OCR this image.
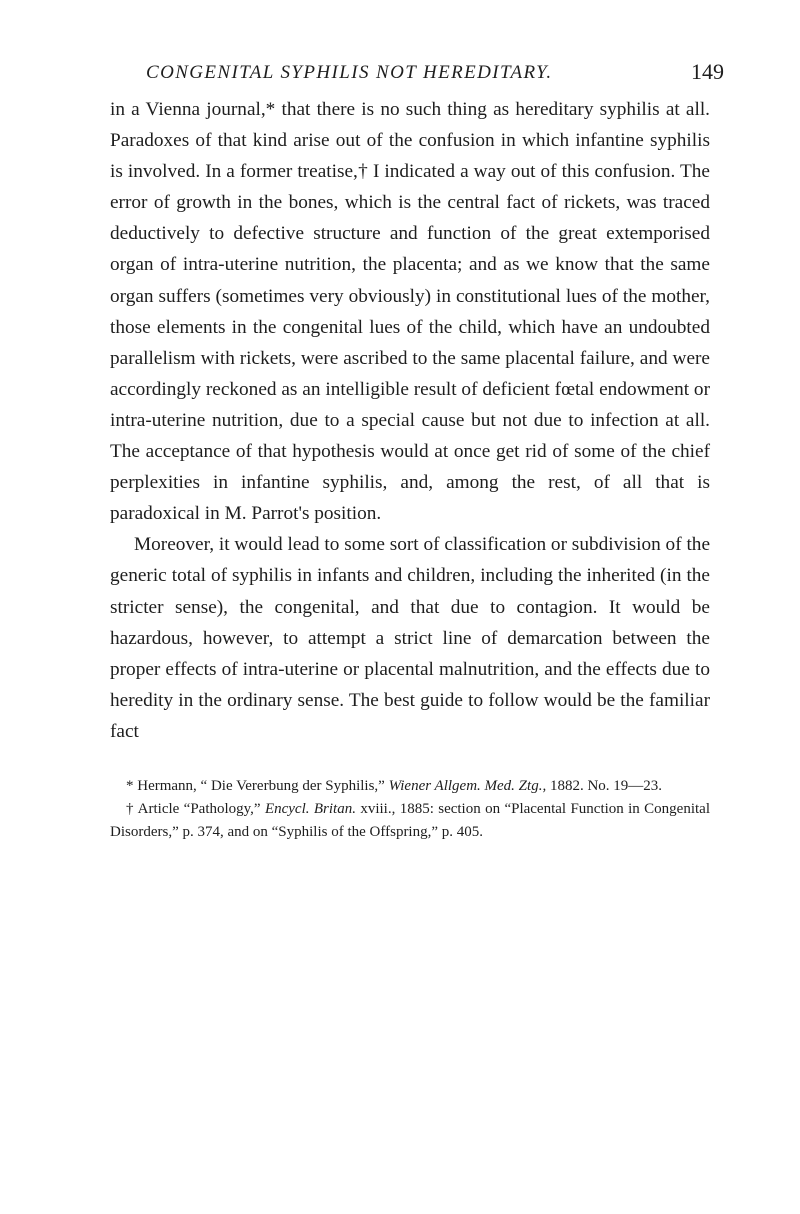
CONGENITAL SYPHILIS NOT HEREDITARY.	149

in a Vienna journal,* that there is no such thing as hereditary syphilis at all. Paradoxes of that kind arise out of the confusion in which infantine syphilis is involved. In a former treatise,† I indicated a way out of this confusion. The error of growth in the bones, which is the central fact of rickets, was traced deductively to defective structure and function of the great extemporised organ of intra-uterine nutrition, the placenta; and as we know that the same organ suffers (sometimes very obviously) in constitutional lues of the mother, those elements in the congenital lues of the child, which have an undoubted parallelism with rickets, were ascribed to the same placental failure, and were accordingly reckoned as an intelligible result of deficient fœtal endowment or intra-uterine nutrition, due to a special cause but not due to infection at all. The acceptance of that hypothesis would at once get rid of some of the chief perplexities in infantine syphilis, and, among the rest, of all that is paradoxical in M. Parrot's position.

Moreover, it would lead to some sort of classification or subdivision of the generic total of syphilis in infants and children, including the inherited (in the stricter sense), the congenital, and that due to contagion. It would be hazardous, however, to attempt a strict line of demarcation between the proper effects of intra-uterine or placental malnutrition, and the effects due to heredity in the ordinary sense. The best guide to follow would be the familiar fact

* Hermann, “ Die Vererbung der Syphilis,” Wiener Allgem. Med. Ztg., 1882. No. 19—23.

† Article “Pathology,” Encycl. Britan. xviii., 1885: section on “Placental Function in Congenital Disorders,” p. 374, and on “Syphilis of the Offspring,” p. 405.
